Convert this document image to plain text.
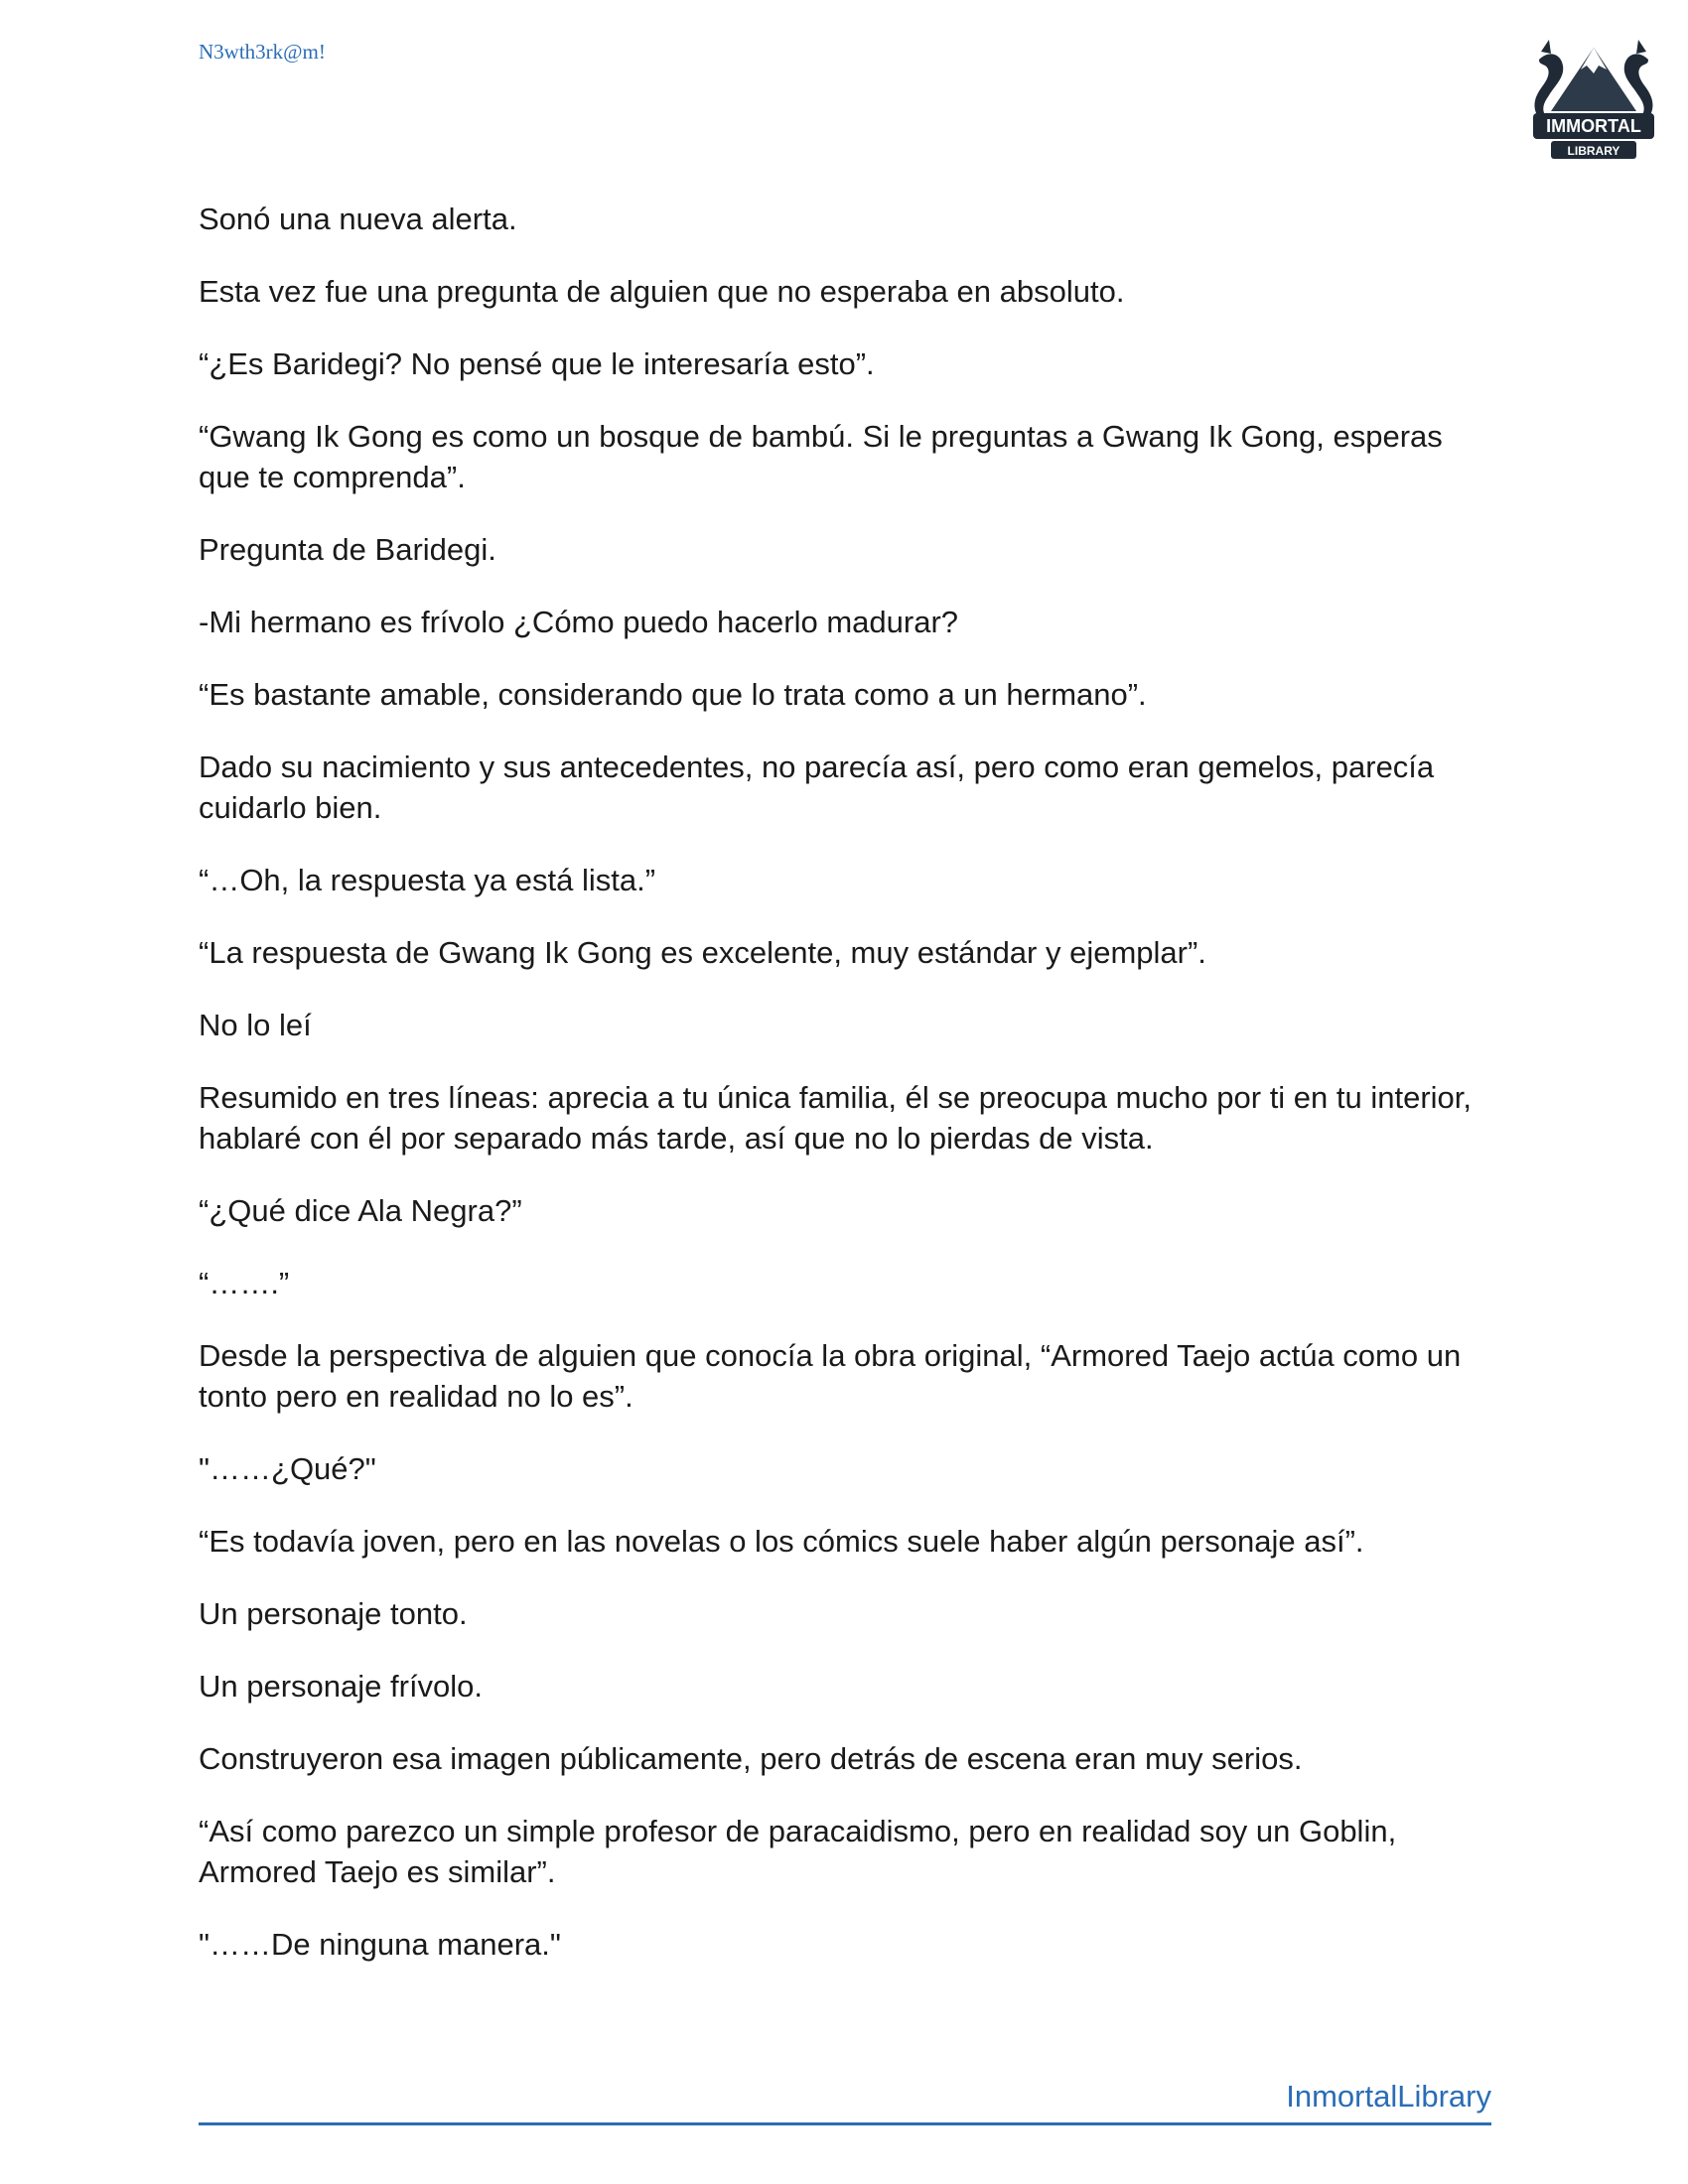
N3wth3rk@m!
IMMORTAL
LIBRARY

Sonó una nueva alerta.

Esta vez fue una pregunta de alguien que no esperaba en absoluto.

“¿Es Baridegi? No pensé que le interesaría esto”.

“Gwang Ik Gong es como un bosque de bambú. Si le preguntas a Gwang Ik Gong, esperas que te comprenda”.

Pregunta de Baridegi.

-Mi hermano es frívolo ¿Cómo puedo hacerlo madurar?

“Es bastante amable, considerando que lo trata como a un hermano”.

Dado su nacimiento y sus antecedentes, no parecía así, pero como eran gemelos, parecía cuidarlo bien.

“…Oh, la respuesta ya está lista.”

“La respuesta de Gwang Ik Gong es excelente, muy estándar y ejemplar”.

No lo leí

Resumido en tres líneas: aprecia a tu única familia, él se preocupa mucho por ti en tu interior, hablaré con él por separado más tarde, así que no lo pierdas de vista.

“¿Qué dice Ala Negra?”

“…….”

Desde la perspectiva de alguien que conocía la obra original, “Armored Taejo actúa como un tonto pero en realidad no lo es”.

"……¿Qué?"

“Es todavía joven, pero en las novelas o los cómics suele haber algún personaje así”.

Un personaje tonto.

Un personaje frívolo.

Construyeron esa imagen públicamente, pero detrás de escena eran muy serios.

“Así como parezco un simple profesor de paracaidismo, pero en realidad soy un Goblin, Armored Taejo es similar”.

"……De ninguna manera."

InmortalLibrary
